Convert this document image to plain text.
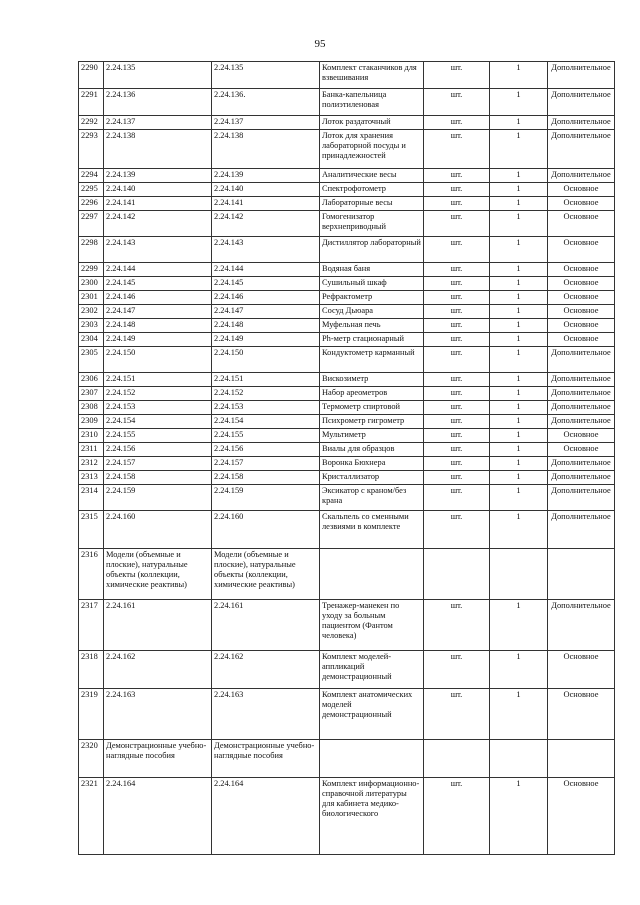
95
2290	2.24.135	2.24.135	Комплект стаканчиков для взвешивания	шт.	1	Дополнительное
2291	2.24.136	2.24.136.	Банка-капельница полиэтиленовая	шт.	1	Дополнительное
2292	2.24.137	2.24.137	Лоток раздаточный	шт.	1	Дополнительное
2293	2.24.138	2.24.138	Лоток для хранения лабораторной посуды и принадлежностей	шт.	1	Дополнительное
2294	2.24.139	2.24.139	Аналитические весы	шт.	1	Дополнительное
2295	2.24.140	2.24.140	Спектрофотометр	шт.	1	Основное
2296	2.24.141	2.24.141	Лабораторные весы	шт.	1	Основное
2297	2.24.142	2.24.142	Гомогенизатор верхнеприводный	шт.	1	Основное
2298	2.24.143	2.24.143	Дистиллятор лабораторный	шт.	1	Основное
2299	2.24.144	2.24.144	Водяная баня	шт.	1	Основное
2300	2.24.145	2.24.145	Сушильный шкаф	шт.	1	Основное
2301	2.24.146	2.24.146	Рефрактометр	шт.	1	Основное
2302	2.24.147	2.24.147	Сосуд Дьюара	шт.	1	Основное
2303	2.24.148	2.24.148	Муфельная печь	шт.	1	Основное
2304	2.24.149	2.24.149	Ph-метр стационарный	шт.	1	Основное
2305	2.24.150	2.24.150	Кондуктометр карманный	шт.	1	Дополнительное
2306	2.24.151	2.24.151	Вискозиметр	шт.	1	Дополнительное
2307	2.24.152	2.24.152	Набор ареометров	шт.	1	Дополнительное
2308	2.24.153	2.24.153	Термометр спиртовой	шт.	1	Дополнительное
2309	2.24.154	2.24.154	Психрометр гигрометр	шт.	1	Дополнительное
2310	2.24.155	2.24.155	Мультиметр	шт.	1	Основное
2311	2.24.156	2.24.156	Виалы для образцов	шт.	1	Основное
2312	2.24.157	2.24.157	Воронка Бюхнера	шт.	1	Дополнительное
2313	2.24.158	2.24.158	Кристаллизатор	шт.	1	Дополнительное
2314	2.24.159	2.24.159	Эксикатор с краном/без крана	шт.	1	Дополнительное
2315	2.24.160	2.24.160	Скальпель со сменными лезвиями в комплекте	шт.	1	Дополнительное
2316	Модели (объемные и плоские), натуральные объекты (коллекции, химические реактивы)	Модели (объемные и плоские), натуральные объекты (коллекции, химические реактивы)				
2317	2.24.161	2.24.161	Тренажер-манекен по уходу за больным пациентом (Фантом человека)	шт.	1	Дополнительное
2318	2.24.162	2.24.162	Комплект моделей-аппликаций демонстрационный	шт.	1	Основное
2319	2.24.163	2.24.163	Комплект анатомических моделей демонстрационный	шт.	1	Основное
2320	Демонстрационные учебно-наглядные пособия	Демонстрационные учебно-наглядные пособия				
2321	2.24.164	2.24.164	Комплект информационно-справочной литературы для кабинета медико-биологического	шт.	1	Основное
